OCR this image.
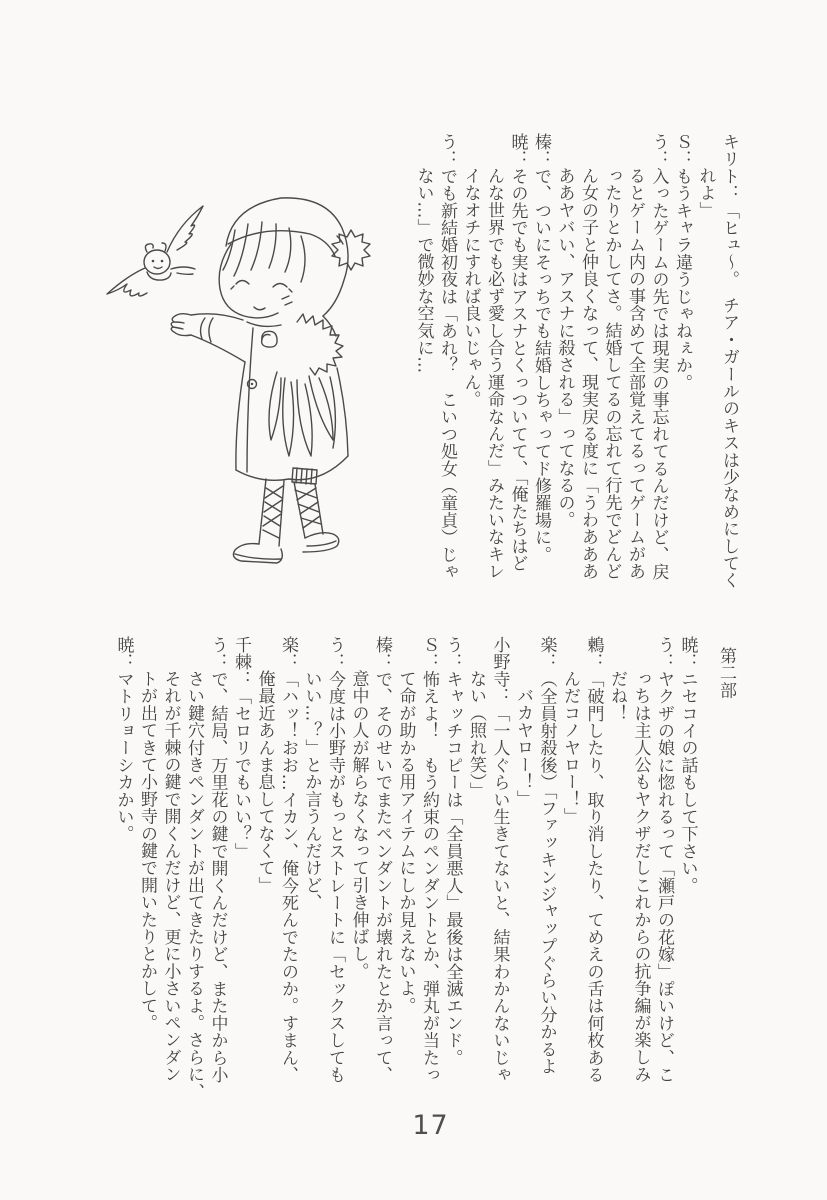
キリト：「ヒュ～。　チア・ガールのキスは少なめにしてく
れよ」
Ｓ：もうキャラ違うじゃねぇか。
う：入ったゲームの先では現実の事忘れてるんだけど、戻
るとゲーム内の事含めて全部覚えてるってゲームがあ
ったりとかしてさ。結婚してるの忘れて行先でどんど
ん女の子と仲良くなって、現実戻る度に「うわあああ
ああヤバい、アスナに殺される」ってなるの。
榛：で、ついにそっちでも結婚しちゃってド修羅場に。
暁：その先でも実はアスナとくっついてて、「俺たちはど
んな世界でも必ず愛し合う運命なんだ」みたいなキレ
イなオチにすれば良いじゃん。
う：でも新結婚初夜は「あれ？　こいつ処女（童貞）じゃ
ない…」で微妙な空気に…
第二部
暁：ニセコイの話もして下さい。
う：ヤクザの娘に惚れるって「瀬戸の花嫁」ぽいけど、こ
っちは主人公もヤクザだしこれからの抗争編が楽しみ
だね！
鶫：「破門したり、取り消したり、てめえの舌は何枚ある
んだコノヤロー！」
楽：（全員射殺後）「ファッキンジャップぐらい分かるよ
バカヤロー！」
小野寺：「一人ぐらい生きてないと、結果わかんないじゃ
ない（照れ笑）」
う：キャッチコピーは「全員悪人」最後は全滅エンド。
Ｓ：怖えよ！　もう約束のペンダントとか、弾丸が当たっ
て命が助かる用アイテムにしか見えないよ。
榛：で、そのせいでまたペンダントが壊れたとか言って、
意中の人が解らなくなって引き伸ばし。
う：今度は小野寺がもっとストレートに「セックスしても
いい…？」とか言うんだけど、
楽：「ハッ！おお…イカン、俺今死んでたのか。すまん、
俺最近あんま息してなくて」
千棘：「セロリでもいい？」
う：で、結局、万里花の鍵で開くんだけど、また中から小
さい鍵穴付きペンダントが出てきたりするよ。さらに、
それが千棘の鍵で開くんだけど、更に小さいペンダン
トが出てきて小野寺の鍵で開いたりとかして。
暁：マトリョーシカかい。
17
